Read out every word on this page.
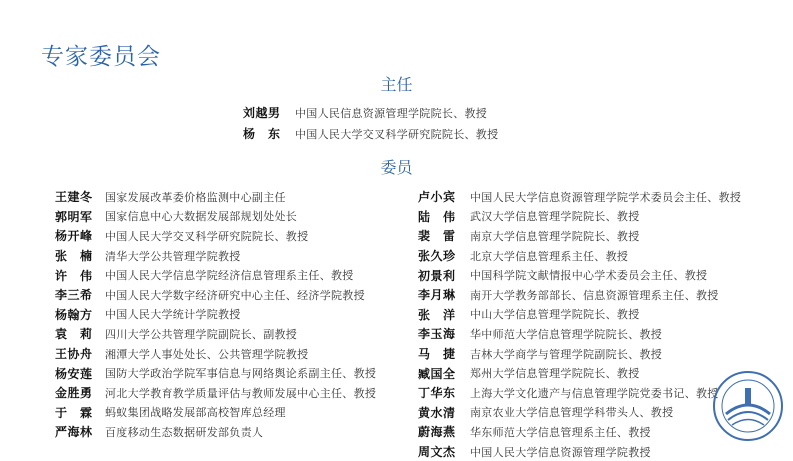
专家委员会
主任
刘越男	中国人民信息资源管理学院院长、教授
杨　东	中国人民大学交叉科学研究院院长、教授
委员
王建冬	国家发展改革委价格监测中心副主任
郭明军	国家信息中心大数据发展部规划处处长
杨开峰	中国人民大学交叉科学研究院院长、教授
张　楠	清华大学公共管理学院教授
许　伟	中国人民大学信息学院经济信息管理系主任、教授
李三希	中国人民大学数字经济研究中心主任、经济学院教授
杨翰方	中国人民大学统计学院教授
袁　莉	四川大学公共管理学院副院长、副教授
王协舟	湘潭大学人事处处长、公共管理学院教授
杨安莲	国防大学政治学院军事信息与网络舆论系副主任、教授
金胜勇	河北大学教育教学质量评估与教师发展中心主任、教授
于　霖	蚂蚁集团战略发展部高校智库总经理
严海林	百度移动生态数据研发部负责人
卢小宾	中国人民大学信息资源管理学院学术委员会主任、教授
陆　伟	武汉大学信息管理学院院长、教授
裴　雷	南京大学信息管理学院院长、教授
张久珍	北京大学信息管理系主任、教授
初景利	中国科学院文献情报中心学术委员会主任、教授
李月琳	南开大学教务部部长、信息资源管理系主任、教授
张　洋	中山大学信息管理学院院长、教授
李玉海	华中师范大学信息管理学院院长、教授
马　捷	吉林大学商学与管理学院副院长、教授
臧国全	郑州大学信息管理学院院长、教授
丁华东	上海大学文化遗产与信息管理学院党委书记、教授
黄水清	南京农业大学信息管理学科带头人、教授
蔚海燕	华东师范大学信息管理系主任、教授
周文杰	中国人民大学信息资源管理学院教授
